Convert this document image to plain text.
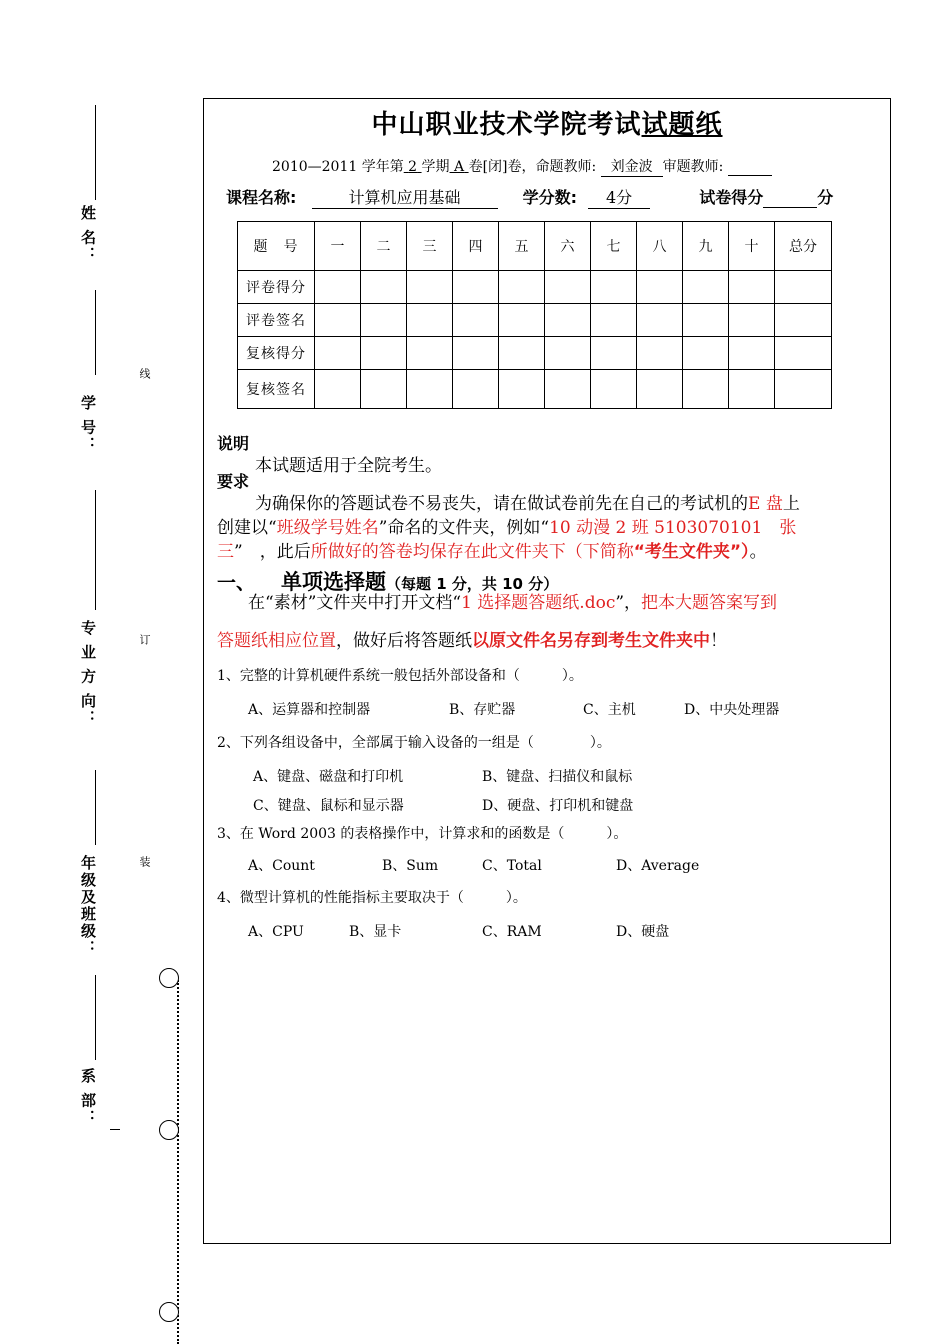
姓 名：
学 号：
专 业 方 向：
年级及班级：
系 部：
线
订
装
中山职业技术学院考试试题纸
2010—2011 学年第 2 学期 A 卷[闭]卷，命题教师: 刘金波 审题教师:
课程名称:	计算机应用基础	学分数: 4分	试卷得分	分
题　号	一	二	三	四	五	六	七	八	九	十	总分
评卷得分											
评卷签名											
复核得分											
复核签名											
说明
本试题适用于全院考生。
要求
为确保你的答题试卷不易丧失，请在做试卷前先在自己的考试机的E 盘上
创建以“班级学号姓名”命名的文件夹，例如“10 动漫 2 班 5103070101　张
三”　，此后所做好的答卷均保存在此文件夹下（下简称“考生文件夹”）。
一、 单项选择题（每题 1 分，共 10 分）
在“素材”文件夹中打开文档“1 选择题答题纸.doc”，把本大题答案写到
答题纸相应位置，做好后将答题纸以原文件名另存到考生文件夹中！
1、完整的计算机硬件系统一般包括外部设备和（　　　）。
A、运算器和控制器	B、存贮器	C、主机	D、中央处理器
2、下列各组设备中，全部属于输入设备的一组是（　　　　）。
A、键盘、磁盘和打印机	B、键盘、扫描仪和鼠标
C、键盘、鼠标和显示器	D、硬盘、打印机和键盘
3、在 Word 2003 的表格操作中，计算求和的函数是（　　　）。
A、Count	B、Sum	C、Total	D、Average
4、微型计算机的性能指标主要取决于（　　　）。
A、CPU	B、显卡	C、RAM	D、硬盘
